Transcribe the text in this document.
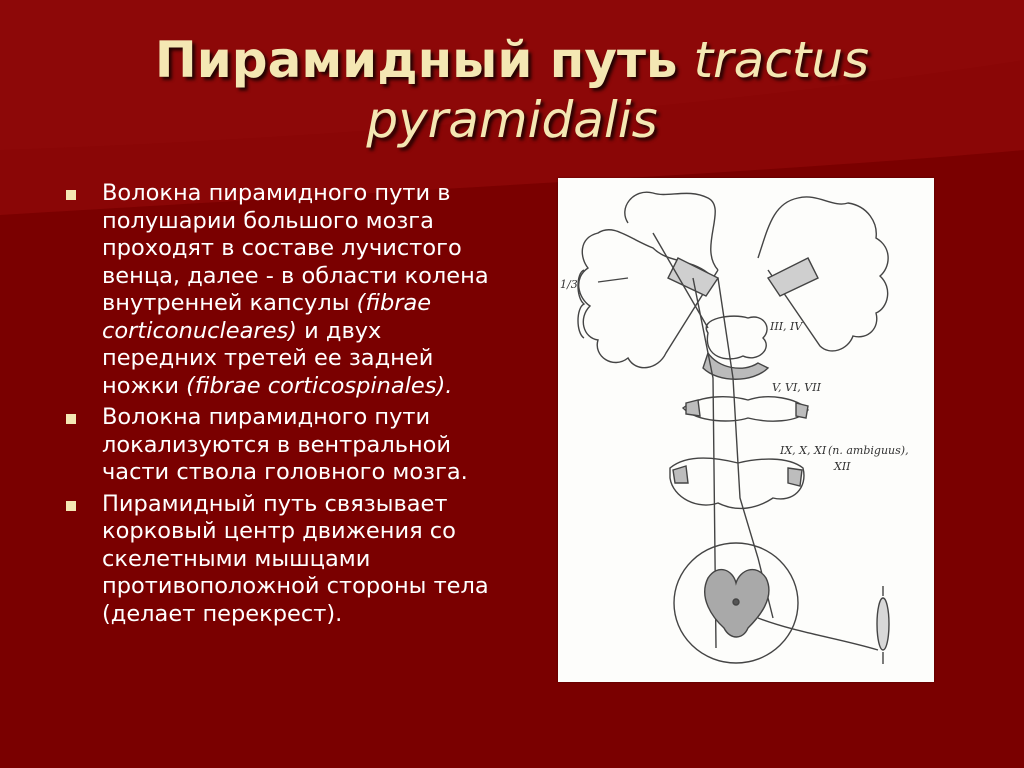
Пирамидный путь tractus pyramidalis
Волокна пирамидного пути в полушарии большого мозга проходят в составе лучистого венца, далее - в области колена внутренней капсулы (fibrae corticonucleares) и двух передних третей ее задней ножки (fibrae corticospinales).
Волокна пирамидного пути локализуются в вентральной части ствола головного мозга.
Пирамидный путь связывает корковый центр движения со скелетными мышцами противоположной стороны тела (делает перекрест).
1/3
III, IV
V, VI, VII
IX, X, XI (n. ambiguus),
XII
